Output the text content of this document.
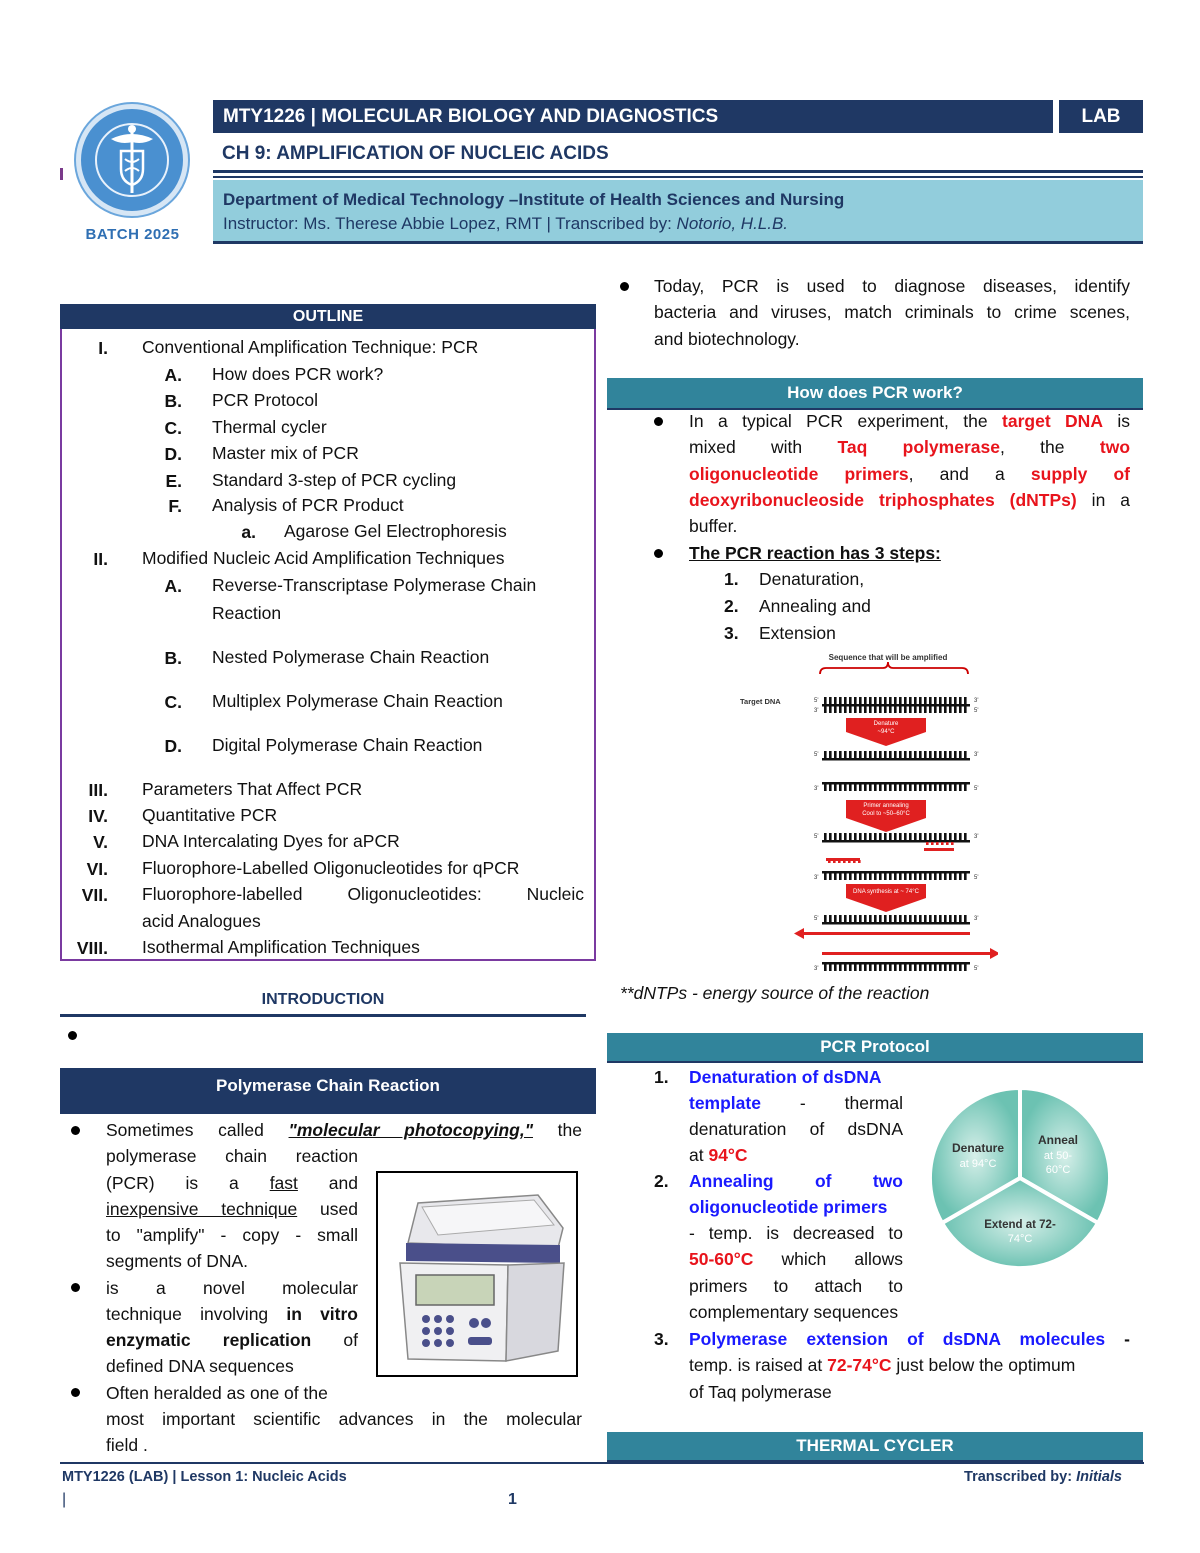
BATCH 2025
MTY1226 | MOLECULAR BIOLOGY AND DIAGNOSTICS	LAB
CH 9: AMPLIFICATION OF NUCLEIC ACIDS
Department of Medical Technology –Institute of Health Sciences and Nursing
Instructor: Ms. Therese Abbie Lopez, RMT | Transcribed by: Notorio, H.L.B.
OUTLINE
I. Conventional Amplification Technique: PCR
A. How does PCR work?
B. PCR Protocol
C. Thermal cycler
D. Master mix of PCR
E. Standard 3-step of PCR cycling
F. Analysis of PCR Product
a. Agarose Gel Electrophoresis
II. Modified Nucleic Acid Amplification Techniques
A. Reverse-Transcriptase Polymerase Chain
Reaction
B. Nested Polymerase Chain Reaction
C. Multiplex Polymerase Chain Reaction
D. Digital Polymerase Chain Reaction
III. Parameters That Affect PCR
IV. Quantitative PCR
V. DNA Intercalating Dyes for aPCR
VI. Fluorophore-Labelled Oligonucleotides for qPCR
VII. Fluorophore-labelled Oligonucleotides: Nucleic
acid Analogues
VIII. Isothermal Amplification Techniques
INTRODUCTION
Polymerase Chain Reaction
Sometimes called "molecular photocopying," the
polymerase chain reaction
(PCR) is a fast and
inexpensive technique used
to "amplify" - copy - small
segments of DNA.
is a novel molecular
technique involving in vitro
enzymatic replication of
defined DNA sequences
Often heralded as one of the
most important scientific advances in the molecular
field .
Today, PCR is used to diagnose diseases, identify
bacteria and viruses, match criminals to crime scenes,
and biotechnology.
How does PCR work?
In a typical PCR experiment, the target DNA is
mixed with Taq polymerase, the two
oligonucleotide primers, and a supply of
deoxyribonucleoside triphosphates (dNTPs) in a
buffer.
The PCR reaction has 3 steps:
1. Denaturation,
2. Annealing and
3. Extension
Sequence that will be amplified
Target DNA	5'	3'
3'	5'
5'	3'
3'	5'
5'	3'
3'	5'
5'	3'
3'	5'
Denature
~94°C
Primer annealing
Cool to ~50–60°C
DNA synthesis at ~ 74°C
**dNTPs - energy source of the reaction
PCR Protocol
1. Denaturation of dsDNA
template - thermal
denaturation of dsDNA
at 94°C
2. Annealing of two
oligonucleotide primers
- temp. is decreased to
50-60°C which allows
primers to attach to
complementary sequences
3. Polymerase extension of dsDNA molecules -
temp. is raised at 72-74°C just below the optimum
of Taq polymerase
Denature
at 94°C
Anneal
at 50-
60°C
Extend at 72-
74°C
THERMAL CYCLER
MTY1226 (LAB) | Lesson 1: Nucleic Acids	Transcribed by: Initials
|	1
